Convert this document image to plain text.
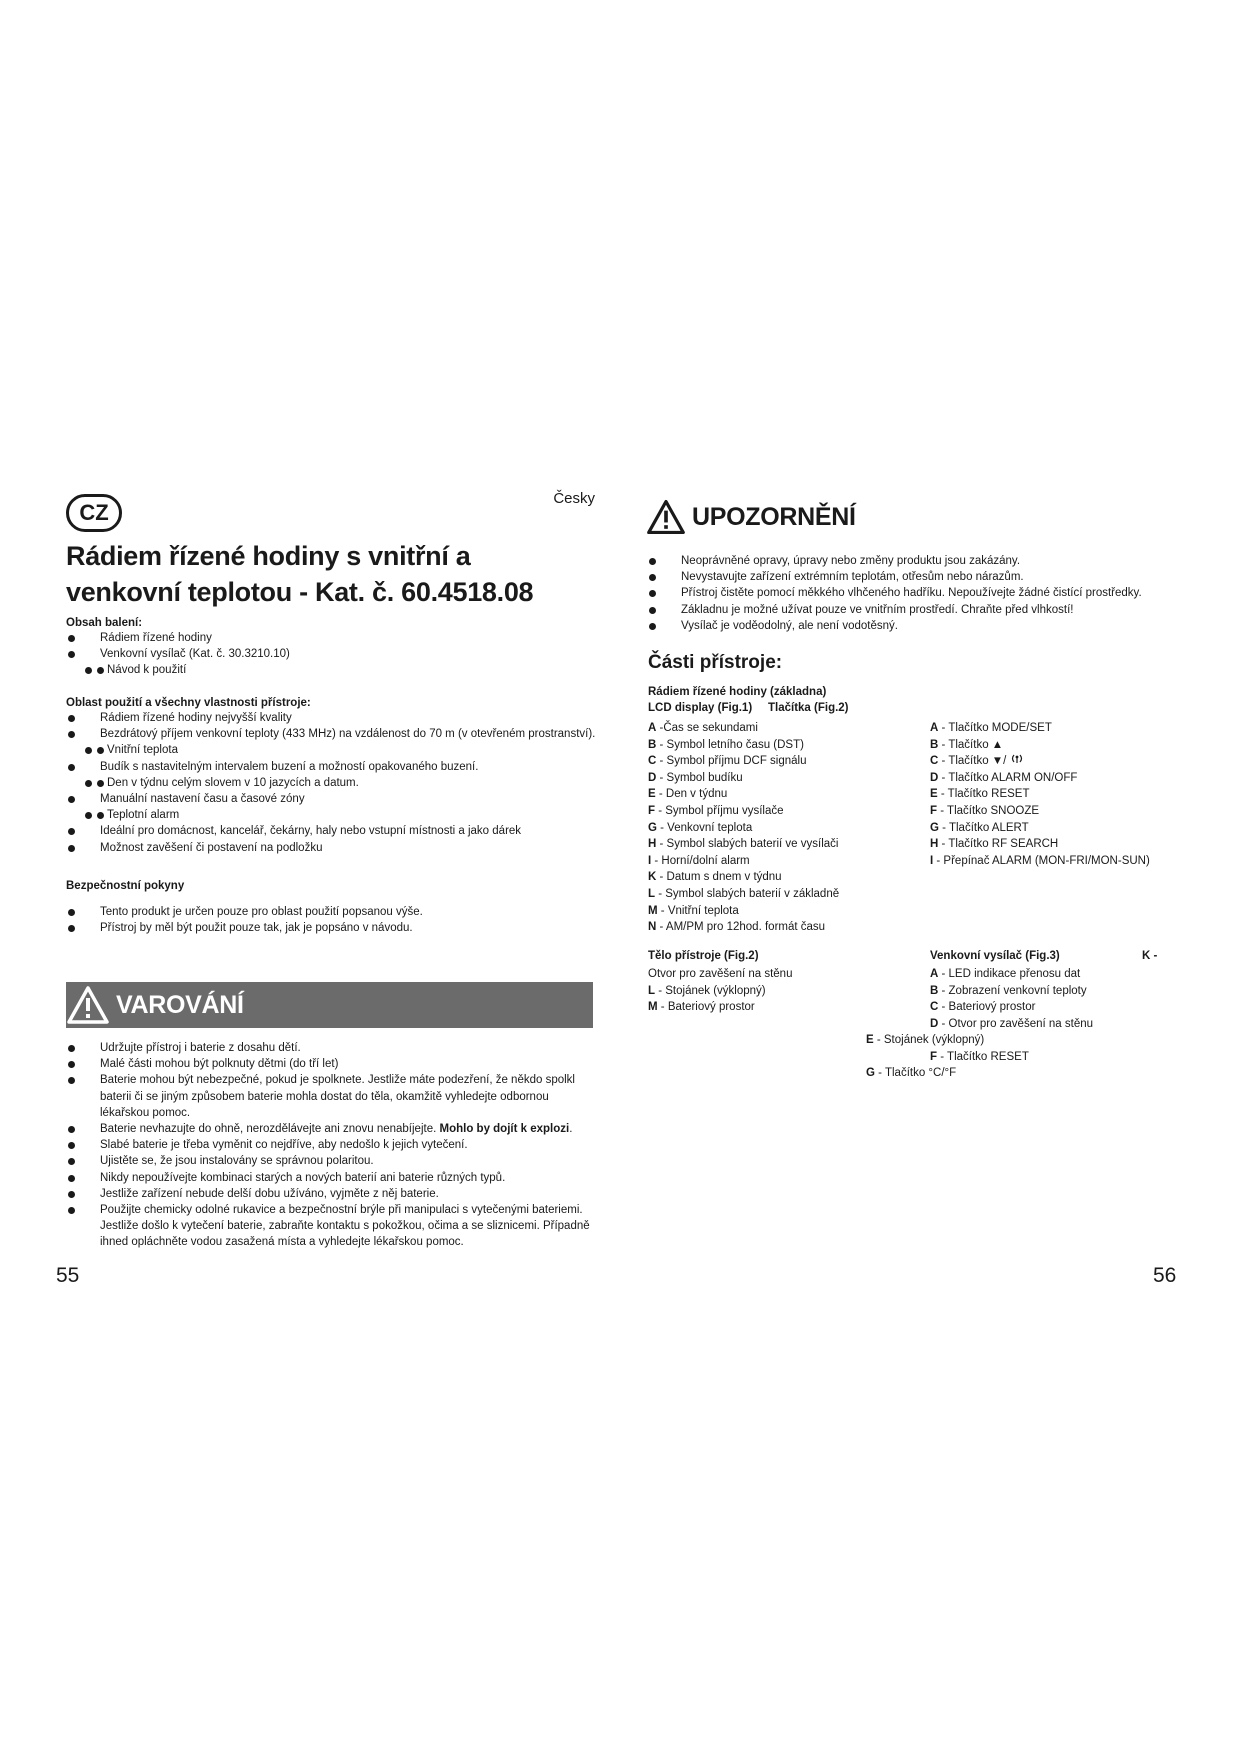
CZ
Česky
Rádiem řízené hodiny s vnitřní a
venkovní teplotou - Kat. č. 60.4518.08
Obsah balení:
Rádiem řízené hodiny
Venkovní vysílač (Kat. č. 30.3210.10)
Návod k použití
Oblast použití a všechny vlastnosti přístroje:
Rádiem řízené hodiny nejvyšší kvality
Bezdrátový příjem venkovní teploty (433 MHz) na vzdálenost do 70 m (v otevřeném prostranství).
Vnitřní teplota
Budík s nastavitelným intervalem buzení a možností opakovaného buzení.
Den v týdnu celým slovem v 10 jazycích a datum.
Manuální nastavení času a časové zóny
Teplotní alarm
Ideální pro domácnost, kancelář, čekárny, haly nebo vstupní místnosti a jako dárek
Možnost zavěšení či postavení na podložku
Bezpečnostní pokyny
Tento produkt je určen pouze pro oblast použití popsanou výše.
Přístroj by měl být použit pouze tak, jak je popsáno v návodu.
VAROVÁNÍ
Udržujte přístroj i baterie z dosahu dětí.
Malé části mohou být polknuty dětmi (do tří let)
Baterie mohou být nebezpečné, pokud je spolknete. Jestliže máte podezření, že někdo spolkl baterii či se jiným způsobem baterie mohla dostat do těla, okamžitě vyhledejte odbornou lékařskou pomoc.
Baterie nevhazujte do ohně, nerozdělávejte ani znovu nenabíjejte. Mohlo by dojít k explozi.
Slabé baterie je třeba vyměnit co nejdříve, aby nedošlo k jejich vytečení.
Ujistěte se, že jsou instalovány se správnou polaritou.
Nikdy nepoužívejte kombinaci starých a nových baterií ani baterie různých typů.
Jestliže zařízení nebude delší dobu užíváno, vyjměte z něj baterie.
Použijte chemicky odolné rukavice a bezpečnostní brýle při manipulaci s vytečenými bateriemi. Jestliže došlo k vytečení baterie, zabraňte kontaktu s pokožkou, očima a se sliznicemi. Případně ihned opláchněte vodou zasažená místa a vyhledejte lékařskou pomoc.
55
UPOZORNĚNÍ
Neoprávněné opravy, úpravy nebo změny produktu jsou zakázány.
Nevystavujte zařízení extrémním teplotám, otřesům nebo nárazům.
Přístroj čistěte pomocí měkkého vlhčeného hadříku. Nepoužívejte žádné čistící prostředky.
Základnu je možné užívat pouze ve vnitřním prostředí. Chraňte před vlhkostí!
Vysílač je voděodolný, ale není vodotěsný.
Části přístroje:
Rádiem řízené hodiny (základna)
LCD display (Fig.1) Tlačítka (Fig.2)
A -Čas se sekundami
B - Symbol letního času (DST)
C - Symbol příjmu DCF signálu
D - Symbol budíku
E - Den v týdnu
F - Symbol příjmu vysílače
G - Venkovní teplota
H - Symbol slabých baterií ve vysílači
I - Horní/dolní alarm
K - Datum s dnem v týdnu
L - Symbol slabých baterií v základně
M - Vnitřní teplota
N - AM/PM pro 12hod. formát času
A - Tlačítko MODE/SET
B - Tlačítko ▲
C - Tlačítko ▼/
D - Tlačítko ALARM ON/OFF
E - Tlačítko RESET
F - Tlačítko SNOOZE
G - Tlačítko ALERT
H - Tlačítko RF SEARCH
I - Přepínač ALARM (MON-FRI/MON-SUN)
Tělo přístroje (Fig.2)
Otvor pro zavěšení na stěnu
L - Stojánek (výklopný)
M - Bateriový prostor
Venkovní vysílač (Fig.3)	K -
A - LED indikace přenosu dat
B - Zobrazení venkovní teploty
C - Bateriový prostor
D - Otvor pro zavěšení na stěnu
E - Stojánek (výklopný)
F - Tlačítko RESET
G - Tlačítko °C/°F
56
